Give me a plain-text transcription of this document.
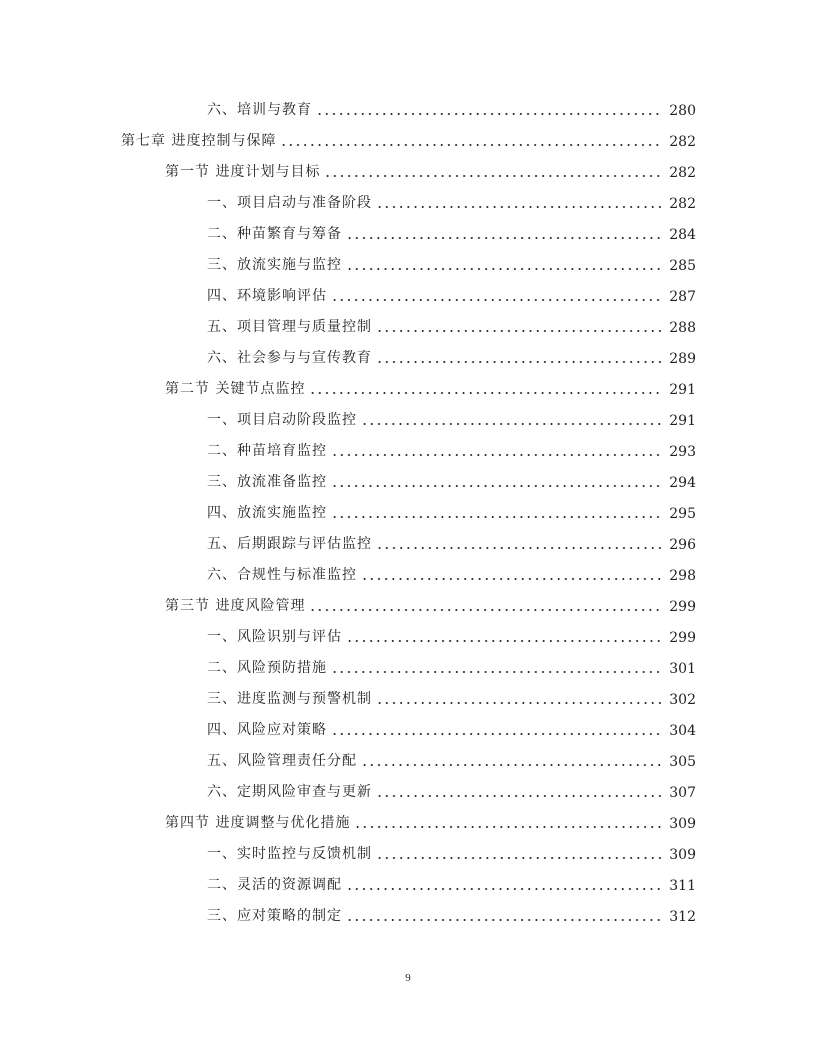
六、培训与教育	280
第七章 进度控制与保障	282
第一节 进度计划与目标	282
一、项目启动与准备阶段	282
二、种苗繁育与筹备	284
三、放流实施与监控	285
四、环境影响评估	287
五、项目管理与质量控制	288
六、社会参与与宣传教育	289
第二节 关键节点监控	291
一、项目启动阶段监控	291
二、种苗培育监控	293
三、放流准备监控	294
四、放流实施监控	295
五、后期跟踪与评估监控	296
六、合规性与标准监控	298
第三节 进度风险管理	299
一、风险识别与评估	299
二、风险预防措施	301
三、进度监测与预警机制	302
四、风险应对策略	304
五、风险管理责任分配	305
六、定期风险审查与更新	307
第四节 进度调整与优化措施	309
一、实时监控与反馈机制	309
二、灵活的资源调配	311
三、应对策略的制定	312
9
